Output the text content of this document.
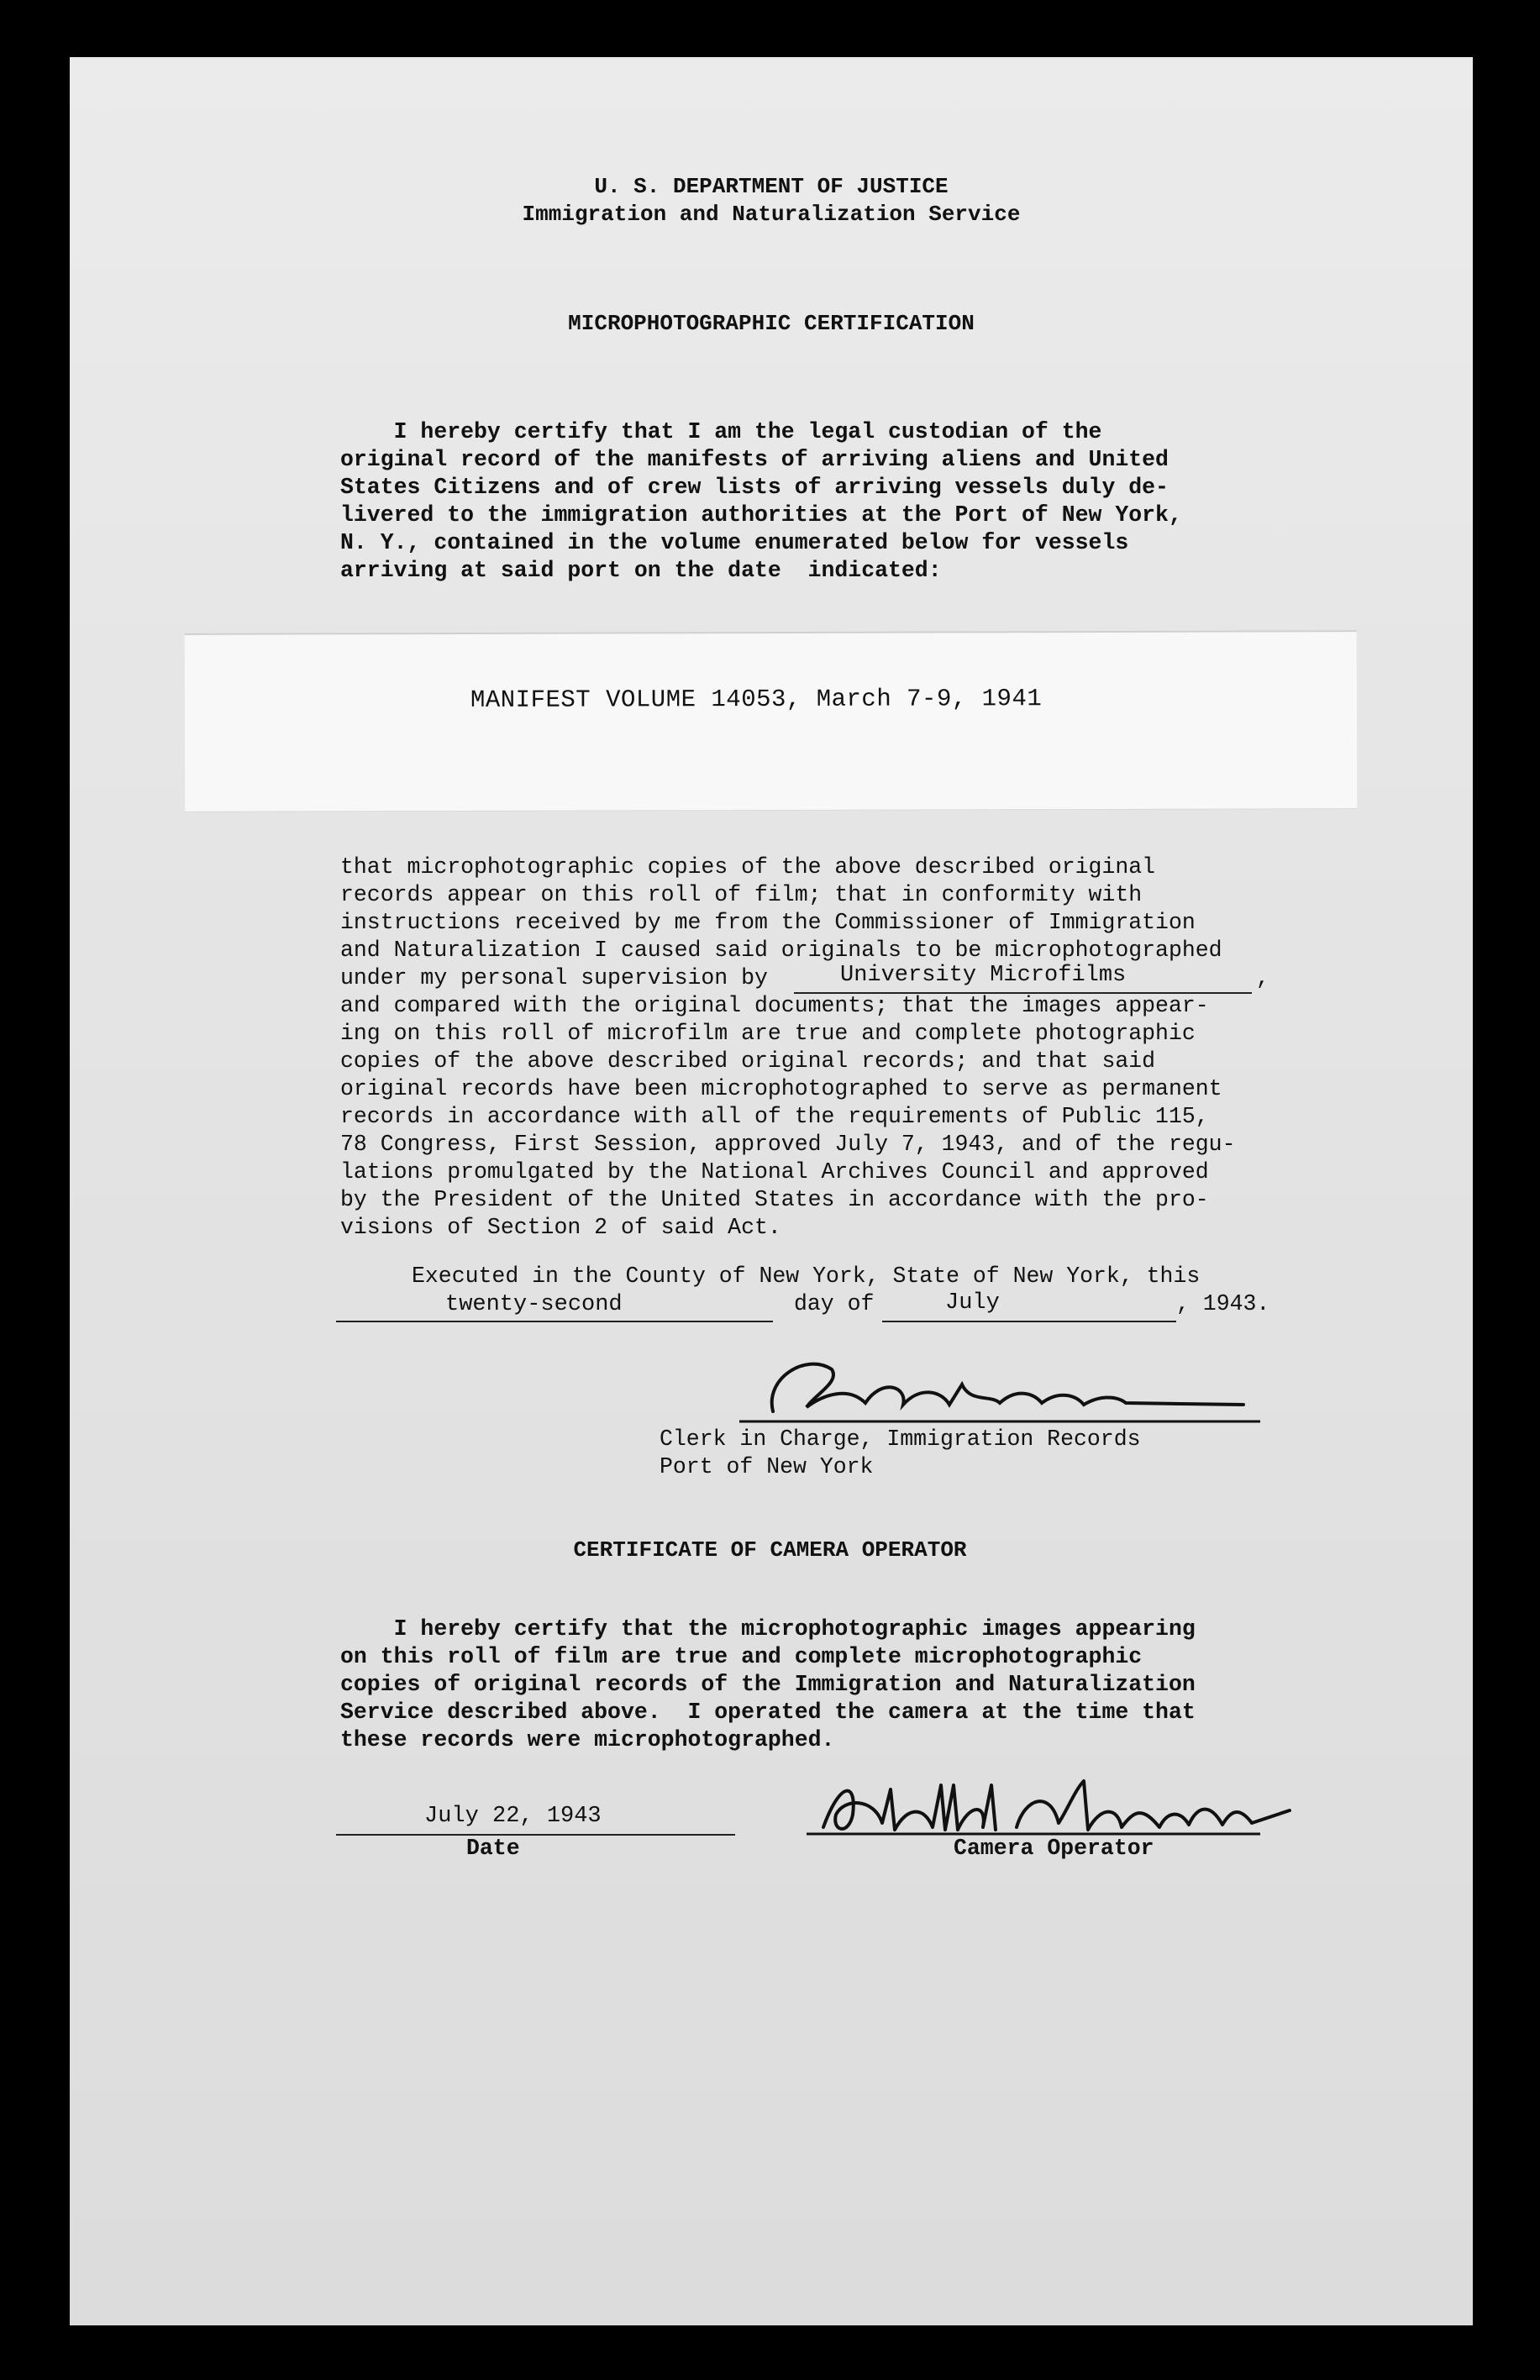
U. S. DEPARTMENT OF JUSTICE
Immigration and Naturalization Service
MICROPHOTOGRAPHIC CERTIFICATION
I hereby certify that I am the legal custodian of the
original record of the manifests of arriving aliens and United
States Citizens and of crew lists of arriving vessels duly de-
livered to the immigration authorities at the Port of New York,
N. Y., contained in the volume enumerated below for vessels
arriving at said port on the date  indicated:
MANIFEST VOLUME 14053, March 7-9, 1941
that microphotographic copies of the above described original
records appear on this roll of film; that in conformity with
instructions received by me from the Commissioner of Immigration
and Naturalization I caused said originals to be microphotographed
under my personal supervision by	University Microfilms	,
and compared with the original documents; that the images appear-
ing on this roll of microfilm are true and complete photographic
copies of the above described original records; and that said
original records have been microphotographed to serve as permanent
records in accordance with all of the requirements of Public 115,
78 Congress, First Session, approved July 7, 1943, and of the regu-
lations promulgated by the National Archives Council and approved
by the President of the United States in accordance with the pro-
visions of Section 2 of said Act.
Executed in the County of New York, State of New York, this
twenty-second	day of	July	, 1943.
Geo Bucker
Clerk in Charge, Immigration Records
Port of New York
CERTIFICATE OF CAMERA OPERATOR
I hereby certify that the microphotographic images appearing
on this roll of film are true and complete microphotographic
copies of original records of the Immigration and Naturalization
Service described above.  I operated the camera at the time that
these records were microphotographed.
July 22, 1943
Date
Hallah Alexander
Camera Operator
